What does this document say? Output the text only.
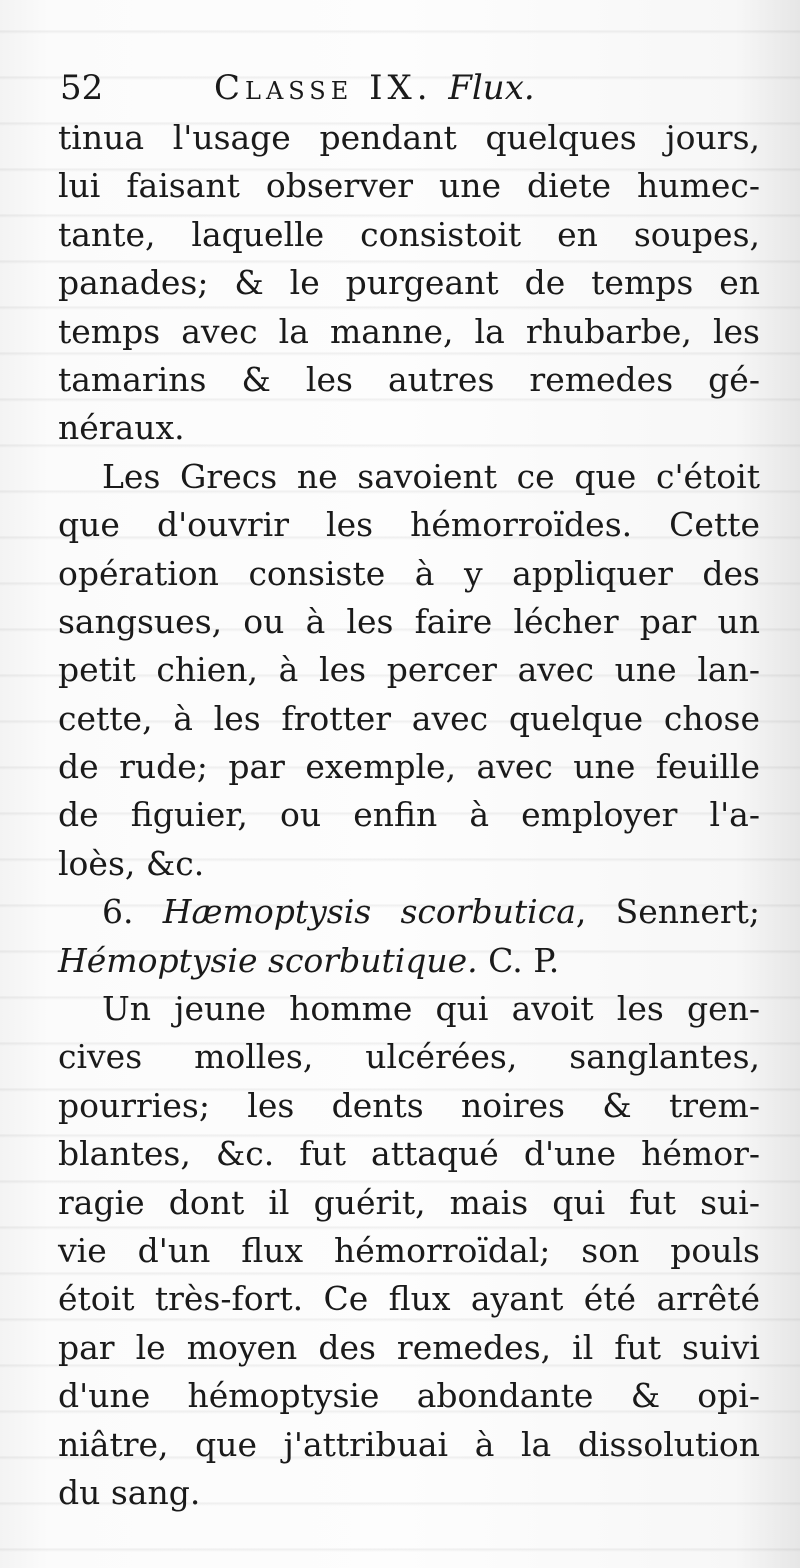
52	Classe IX. Flux.
tinua l'usage pendant quelques jours,
lui faisant observer une diete humec-
tante, laquelle consistoit en soupes,
panades; & le purgeant de temps en
temps avec la manne, la rhubarbe, les
tamarins & les autres remedes gé-
néraux.
Les Grecs ne savoient ce que c'étoit
que d'ouvrir les hémorroïdes. Cette
opération consiste à y appliquer des
sangsues, ou à les faire lécher par un
petit chien, à les percer avec une lan-
cette, à les frotter avec quelque chose
de rude; par exemple, avec une feuille
de figuier, ou enfin à employer l'a-
loès, &c.
6. Hæmoptysis scorbutica, Sennert;
Hémoptysie scorbutique. C. P.
Un jeune homme qui avoit les gen-
cives molles, ulcérées, sanglantes,
pourries; les dents noires & trem-
blantes, &c. fut attaqué d'une hémor-
ragie dont il guérit, mais qui fut sui-
vie d'un flux hémorroïdal; son pouls
étoit très-fort. Ce flux ayant été arrêté
par le moyen des remedes, il fut suivi
d'une hémoptysie abondante & opi-
niâtre, que j'attribuai à la dissolution
du sang.
